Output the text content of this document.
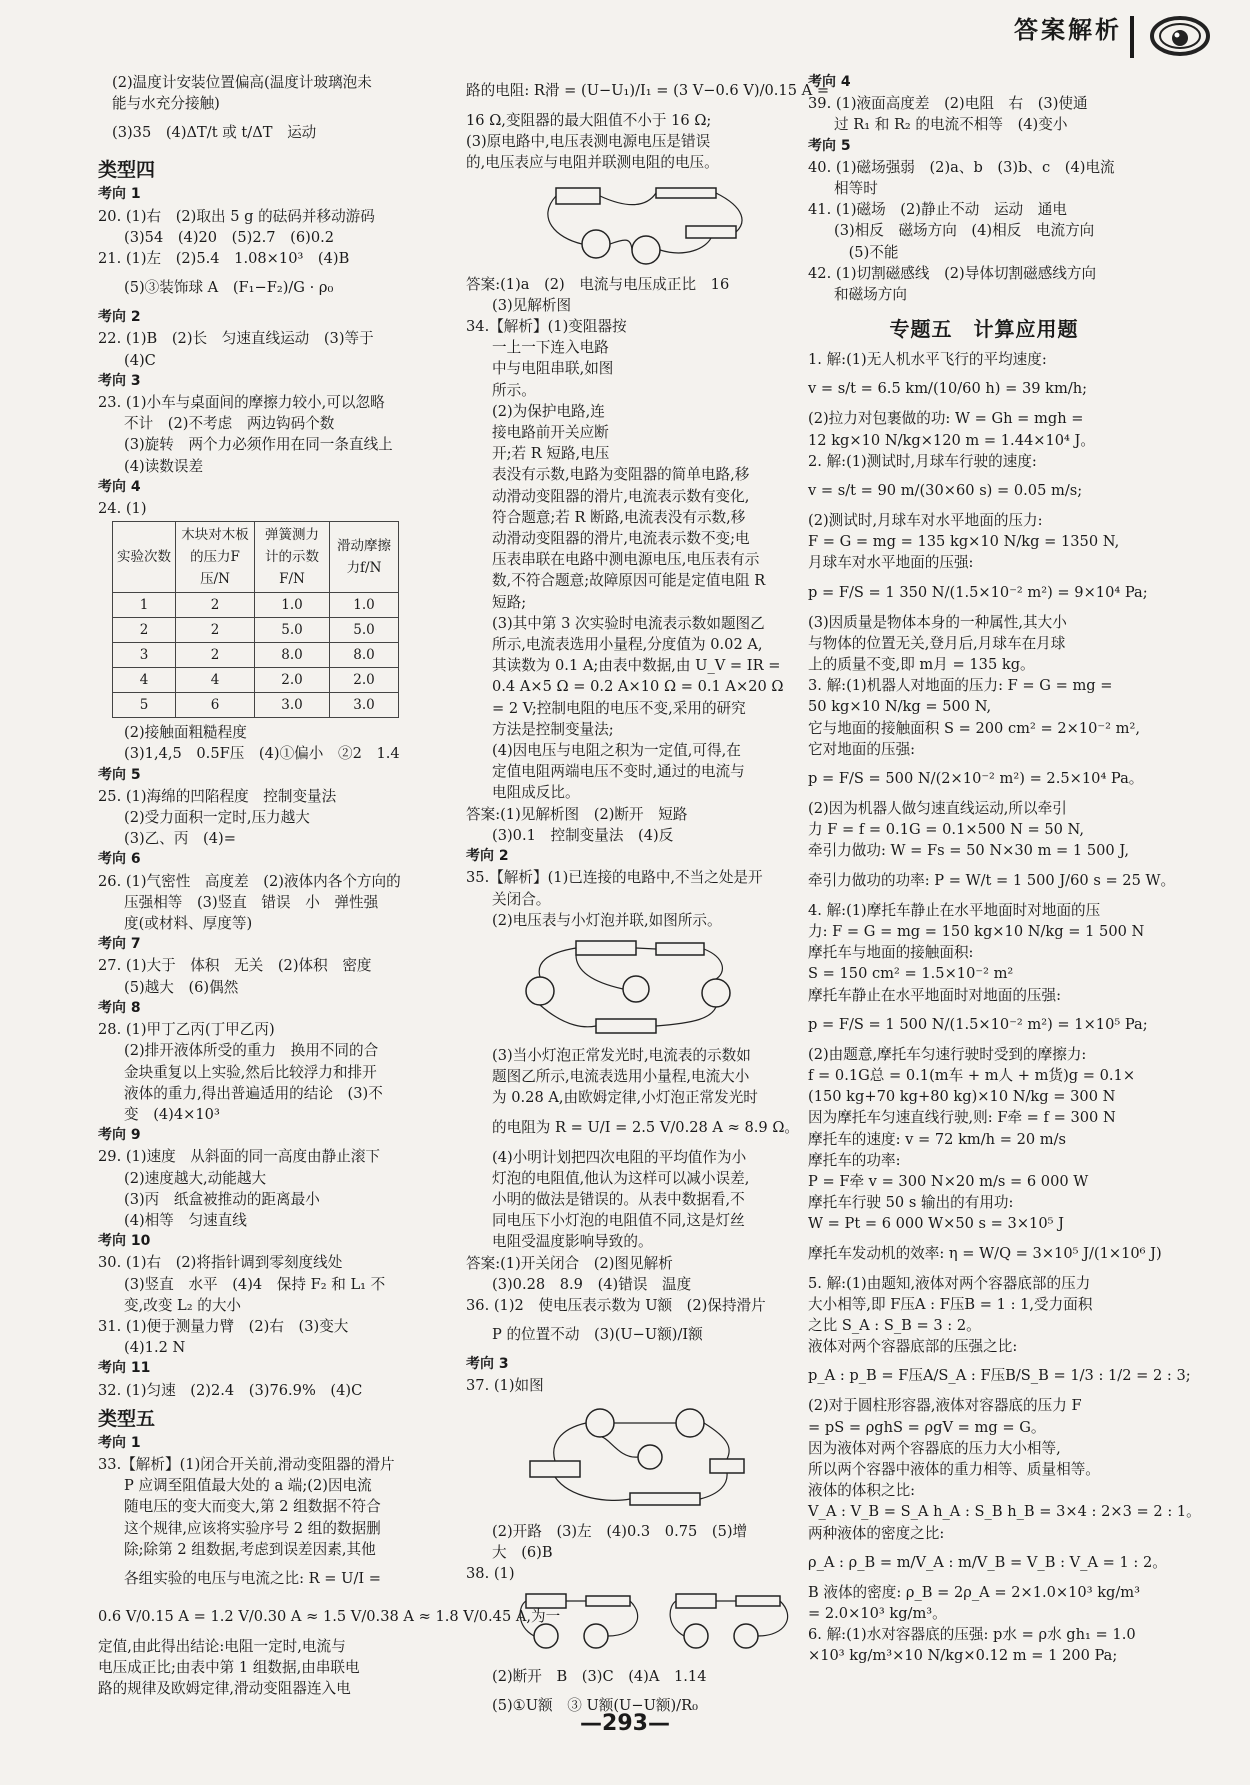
答案解析
(2)温度计安装位置偏高(温度计玻璃泡未
能与水充分接触)
(3)35　(4)ΔT/t 或 t/ΔT　运动
类型四
考向 1
20. (1)右　(2)取出 5 g 的砝码并移动游码
(3)54　(4)20　(5)2.7　(6)0.2
21. (1)左　(2)5.4　1.08×10³　(4)B
(5)③装饰球 A　(F₁−F₂)/G · ρ₀
考向 2
22. (1)B　(2)长　匀速直线运动　(3)等于
(4)C
考向 3
23. (1)小车与桌面间的摩擦力较小,可以忽略
不计　(2)不考虑　两边钩码个数
(3)旋转　两个力必须作用在同一条直线上
(4)读数误差
考向 4
24. (1)
实验次数	木块对木板的压力F压/N	弹簧测力计的示数F/N	滑动摩擦力f/N
1	2	1.0	1.0
2	2	5.0	5.0
3	2	8.0	8.0
4	4	2.0	2.0
5	6	3.0	3.0
(2)接触面粗糙程度
(3)1,4,5　0.5F压　(4)①偏小　②2　1.4
考向 5
25. (1)海绵的凹陷程度　控制变量法
(2)受力面积一定时,压力越大
(3)乙、丙　(4)=
考向 6
26. (1)气密性　高度差　(2)液体内各个方向的
压强相等　(3)竖直　错误　小　弹性强
度(或材料、厚度等)
考向 7
27. (1)大于　体积　无关　(2)体积　密度
(5)越大　(6)偶然
考向 8
28. (1)甲丁乙丙(丁甲乙丙)
(2)排开液体所受的重力　换用不同的合
金块重复以上实验,然后比较浮力和排开
液体的重力,得出普遍适用的结论　(3)不
变　(4)4×10³
考向 9
29. (1)速度　从斜面的同一高度由静止滚下
(2)速度越大,动能越大
(3)丙　纸盒被推动的距离最小
(4)相等　匀速直线
考向 10
30. (1)右　(2)将指针调到零刻度线处
(3)竖直　水平　(4)4　保持 F₂ 和 L₁ 不
变,改变 L₂ 的大小
31. (1)便于测量力臂　(2)右　(3)变大
(4)1.2 N
考向 11
32. (1)匀速　(2)2.4　(3)76.9%　(4)C
类型五
考向 1
33.【解析】(1)闭合开关前,滑动变阻器的滑片
P 应调至阻值最大处的 a 端;(2)因电流
随电压的变大而变大,第 2 组数据不符合
这个规律,应该将实验序号 2 组的数据删
除;除第 2 组数据,考虑到误差因素,其他
各组实验的电压与电流之比: R = U/I =
0.6 V/0.15 A = 1.2 V/0.30 A ≈ 1.5 V/0.38 A ≈ 1.8 V/0.45 A,为一
定值,由此得出结论:电阻一定时,电流与
电压成正比;由表中第 1 组数据,由串联电
路的规律及欧姆定律,滑动变阻器连入电
路的电阻: R滑 = (U−U₁)/I₁ = (3 V−0.6 V)/0.15 A =
16 Ω,变阻器的最大阻值不小于 16 Ω;
(3)原电路中,电压表测电源电压是错误
的,电压表应与电阻并联测电阻的电压。
答案:(1)a　(2)　电流与电压成正比　16
(3)见解析图
34.【解析】(1)变阻器按
一上一下连入电路
中与电阻串联,如图
所示。
(2)为保护电路,连
接电路前开关应断
开;若 R 短路,电压
表没有示数,电路为变阻器的简单电路,移
动滑动变阻器的滑片,电流表示数有变化,
符合题意;若 R 断路,电流表没有示数,移
动滑动变阻器的滑片,电流表示数不变;电
压表串联在电路中测电源电压,电压表有示
数,不符合题意;故障原因可能是定值电阻 R
短路;
(3)其中第 3 次实验时电流表示数如题图乙
所示,电流表选用小量程,分度值为 0.02 A,
其读数为 0.1 A;由表中数据,由 U_V = IR =
0.4 A×5 Ω = 0.2 A×10 Ω = 0.1 A×20 Ω
= 2 V;控制电阻的电压不变,采用的研究
方法是控制变量法;
(4)因电压与电阻之积为一定值,可得,在
定值电阻两端电压不变时,通过的电流与
电阻成反比。
答案:(1)见解析图　(2)断开　短路
(3)0.1　控制变量法　(4)反
考向 2
35.【解析】(1)已连接的电路中,不当之处是开
关闭合。
(2)电压表与小灯泡并联,如图所示。
(3)当小灯泡正常发光时,电流表的示数如
题图乙所示,电流表选用小量程,电流大小
为 0.28 A,由欧姆定律,小灯泡正常发光时
的电阻为 R = U/I = 2.5 V/0.28 A ≈ 8.9 Ω。
(4)小明计划把四次电阻的平均值作为小
灯泡的电阻值,他认为这样可以减小误差,
小明的做法是错误的。从表中数据看,不
同电压下小灯泡的电阻值不同,这是灯丝
电阻受温度影响导致的。
答案:(1)开关闭合　(2)图见解析
(3)0.28　8.9　(4)错误　温度
36. (1)2　使电压表示数为 U额　(2)保持滑片
P 的位置不动　(3)(U−U额)/I额
考向 3
37. (1)如图
(2)开路　(3)左　(4)0.3　0.75　(5)增
大　(6)B
38. (1)
(2)断开　B　(3)C　(4)A　1.14
(5)①U额　③ U额(U−U额)/R₀
考向 4
39. (1)液面高度差　(2)电阻　右　(3)使通
过 R₁ 和 R₂ 的电流不相等　(4)变小
考向 5
40. (1)磁场强弱　(2)a、b　(3)b、c　(4)电流
相等时
41. (1)磁场　(2)静止不动　运动　通电
(3)相反　磁场方向　(4)相反　电流方向
　(5)不能
42. (1)切割磁感线　(2)导体切割磁感线方向
和磁场方向
专题五　计算应用题
1. 解:(1)无人机水平飞行的平均速度:
v = s/t = 6.5 km/(10/60 h) = 39 km/h;
(2)拉力对包裹做的功: W = Gh = mgh =
12 kg×10 N/kg×120 m = 1.44×10⁴ J。
2. 解:(1)测试时,月球车行驶的速度:
v = s/t = 90 m/(30×60 s) = 0.05 m/s;
(2)测试时,月球车对水平地面的压力:
F = G = mg = 135 kg×10 N/kg = 1350 N,
月球车对水平地面的压强:
p = F/S = 1 350 N/(1.5×10⁻² m²) = 9×10⁴ Pa;
(3)因质量是物体本身的一种属性,其大小
与物体的位置无关,登月后,月球车在月球
上的质量不变,即 m月 = 135 kg。
3. 解:(1)机器人对地面的压力: F = G = mg =
50 kg×10 N/kg = 500 N,
它与地面的接触面积 S = 200 cm² = 2×10⁻² m²,
它对地面的压强:
p = F/S = 500 N/(2×10⁻² m²) = 2.5×10⁴ Pa。
(2)因为机器人做匀速直线运动,所以牵引
力 F = f = 0.1G = 0.1×500 N = 50 N,
牵引力做功: W = Fs = 50 N×30 m = 1 500 J,
牵引力做功的功率: P = W/t = 1 500 J/60 s = 25 W。
4. 解:(1)摩托车静止在水平地面时对地面的压
力: F = G = mg = 150 kg×10 N/kg = 1 500 N
摩托车与地面的接触面积:
S = 150 cm² = 1.5×10⁻² m²
摩托车静止在水平地面时对地面的压强:
p = F/S = 1 500 N/(1.5×10⁻² m²) = 1×10⁵ Pa;
(2)由题意,摩托车匀速行驶时受到的摩擦力:
f = 0.1G总 = 0.1(m车 + m人 + m货)g = 0.1×
(150 kg+70 kg+80 kg)×10 N/kg = 300 N
因为摩托车匀速直线行驶,则: F牵 = f = 300 N
摩托车的速度: v = 72 km/h = 20 m/s
摩托车的功率:
P = F牵 v = 300 N×20 m/s = 6 000 W
摩托车行驶 50 s 输出的有用功:
W = Pt = 6 000 W×50 s = 3×10⁵ J
摩托车发动机的效率: η = W/Q = 3×10⁵ J/(1×10⁶ J)
5. 解:(1)由题知,液体对两个容器底部的压力
大小相等,即 F压A : F压B = 1 : 1,受力面积
之比 S_A : S_B = 3 : 2。
液体对两个容器底部的压强之比:
p_A : p_B = F压A/S_A : F压B/S_B = 1/3 : 1/2 = 2 : 3;
(2)对于圆柱形容器,液体对容器底的压力 F
= pS = ρghS = ρgV = mg = G。
因为液体对两个容器底的压力大小相等,
所以两个容器中液体的重力相等、质量相等。
液体的体积之比:
V_A : V_B = S_A h_A : S_B h_B = 3×4 : 2×3 = 2 : 1。
两种液体的密度之比:
ρ_A : ρ_B = m/V_A : m/V_B = V_B : V_A = 1 : 2。
B 液体的密度: ρ_B = 2ρ_A = 2×1.0×10³ kg/m³
= 2.0×10³ kg/m³。
6. 解:(1)水对容器底的压强: p水 = ρ水 gh₁ = 1.0
×10³ kg/m³×10 N/kg×0.12 m = 1 200 Pa;
—293—
